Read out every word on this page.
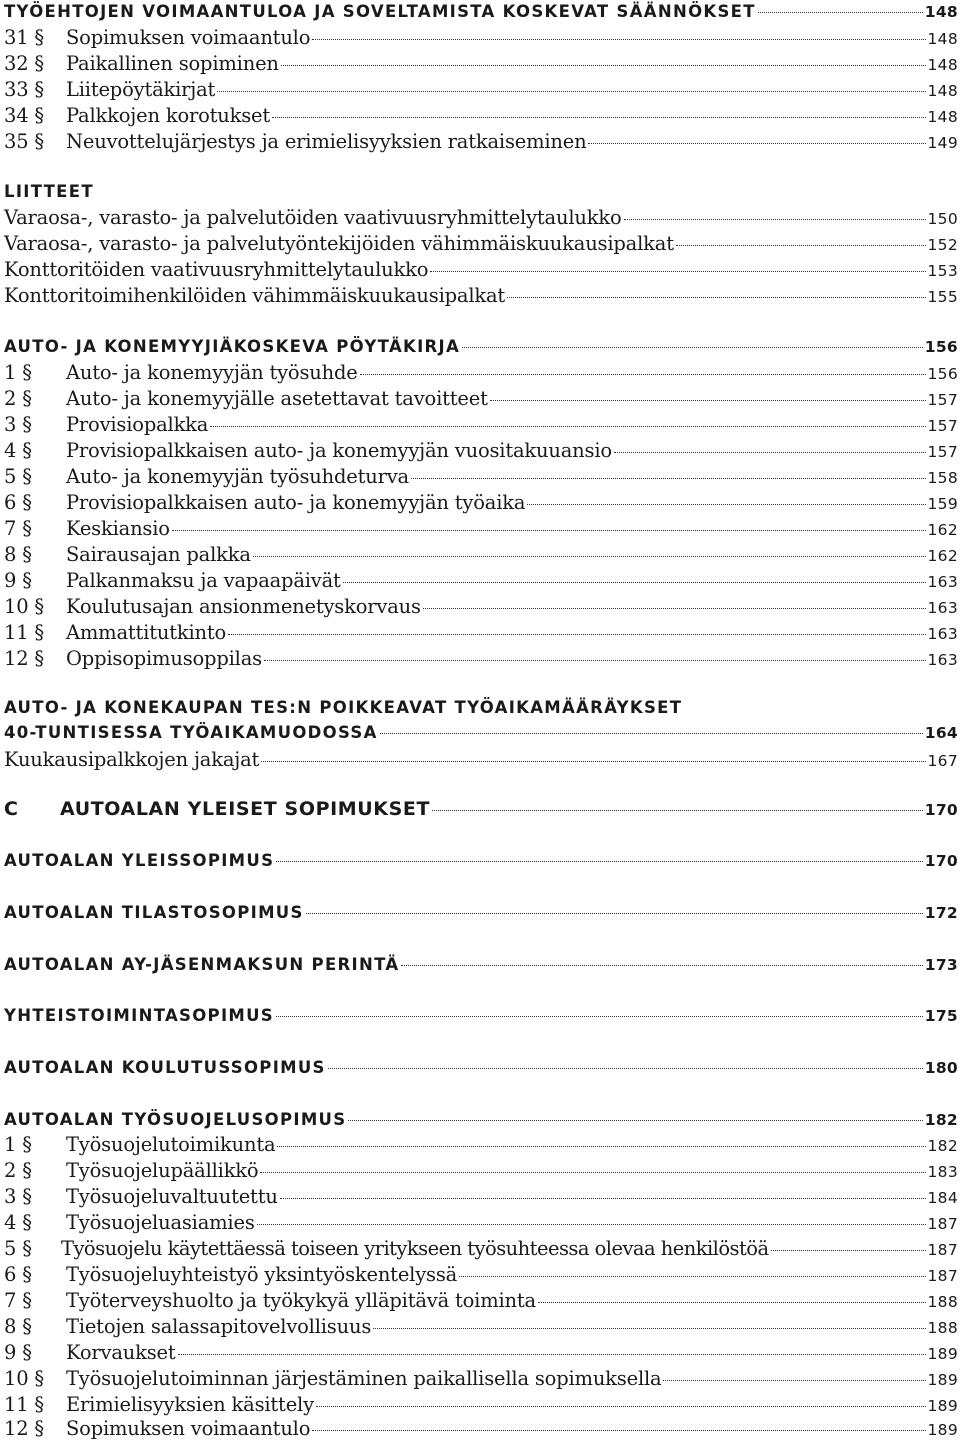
TYÖEHTOJEN VOIMAANTULOA JA SOVELTAMISTA KOSKEVAT SÄÄNNÖKSET	148
31 §	Sopimuksen voimaantulo	148
32 §	Paikallinen sopiminen	148
33 §	Liitepöytäkirjat	148
34 §	Palkkojen korotukset	148
35 §	Neuvottelujärjestys ja erimielisyyksien ratkaiseminen	149
LIITTEET
Varaosa-, varasto- ja palvelutöiden vaativuusryhmittelytaulukko	150
Varaosa-, varasto- ja palvelutyöntekijöiden vähimmäiskuukausipalkat	152
Konttoritöiden vaativuusryhmittelytaulukko	153
Konttoritoimihenkilöiden vähimmäiskuukausipalkat	155
AUTO- JA KONEMYYJIÄKOSKEVA PÖYTÄKIRJA	156
1 §	Auto- ja konemyyjän työsuhde	156
2 §	Auto- ja konemyyjälle asetettavat tavoitteet	157
3 §	Provisiopalkka	157
4 §	Provisiopalkkaisen auto- ja konemyyjän vuositakuuansio	157
5 §	Auto- ja konemyyjän työsuhdeturva	158
6 §	Provisiopalkkaisen auto- ja konemyyjän työaika	159
7 §	Keskiansio	162
8 §	Sairausajan palkka	162
9 §	Palkanmaksu ja vapaapäivät	163
10 §	Koulutusajan ansionmenetyskorvaus	163
11 §	Ammattitutkinto	163
12 §	Oppisopimusoppilas	163
AUTO- JA KONEKAUPAN TES:N POIKKEAVAT TYÖAIKAMÄÄRÄYKSET
40-TUNTISESSA TYÖAIKAMUODOSSA	164
Kuukausipalkkojen jakajat	167
C	AUTOALAN YLEISET SOPIMUKSET	170
AUTOALAN YLEISSOPIMUS	170
AUTOALAN TILASTOSOPIMUS	172
AUTOALAN AY-JÄSENMAKSUN PERINTÄ	173
YHTEISTOIMINTASOPIMUS	175
AUTOALAN KOULUTUSSOPIMUS	180
AUTOALAN TYÖSUOJELUSOPIMUS	182
1 §	Työsuojelutoimikunta	182
2 §	Työsuojelupäällikkö	183
3 §	Työsuojeluvaltuutettu	184
4 §	Työsuojeluasiamies	187
5 §	Työsuojelu käytettäessä toiseen yritykseen työsuhteessa olevaa henkilöstöä	187
6 §	Työsuojeluyhteistyö yksintyöskentelyssä	187
7 §	Työterveyshuolto ja työkykyä ylläpitävä toiminta	188
8 §	Tietojen salassapitovelvollisuus	188
9 §	Korvaukset	189
10 §	Työsuojelutoiminnan järjestäminen paikallisella sopimuksella	189
11 §	Erimielisyyksien käsittely	189
12 §	Sopimuksen voimaantulo	189
